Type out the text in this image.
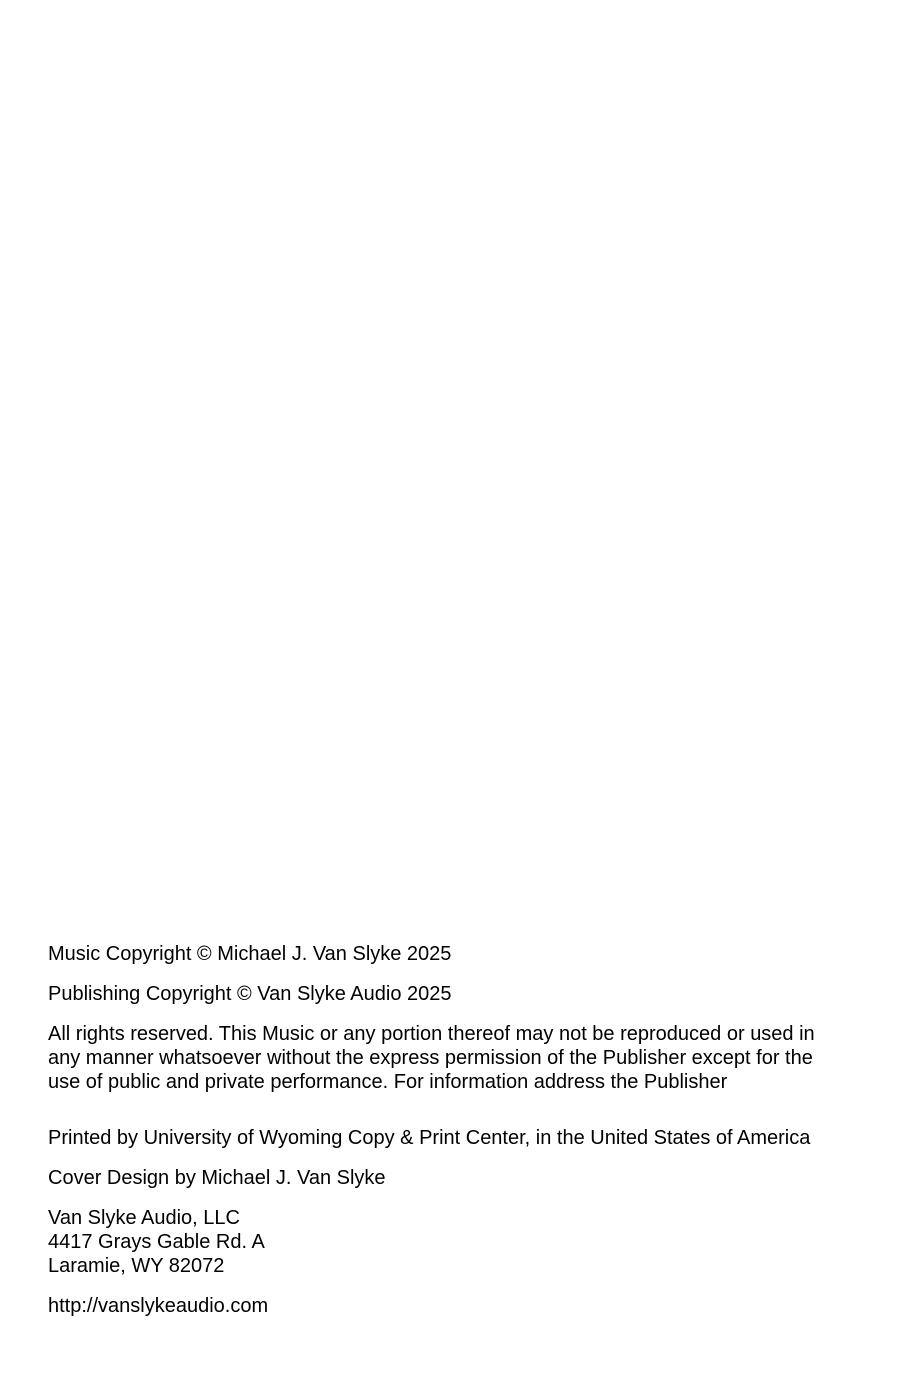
Music Copyright © Michael J. Van Slyke 2025

Publishing Copyright © Van Slyke Audio 2025

All rights reserved. This Music or any portion thereof may not be reproduced or used in
any manner whatsoever without the express permission of the Publisher except for the
use of public and private performance. For information address the Publisher

Printed by University of Wyoming Copy & Print Center, in the United States of America

Cover Design by Michael J. Van Slyke

Van Slyke Audio, LLC
4417 Grays Gable Rd. A
Laramie, WY 82072

http://vanslykeaudio.com
